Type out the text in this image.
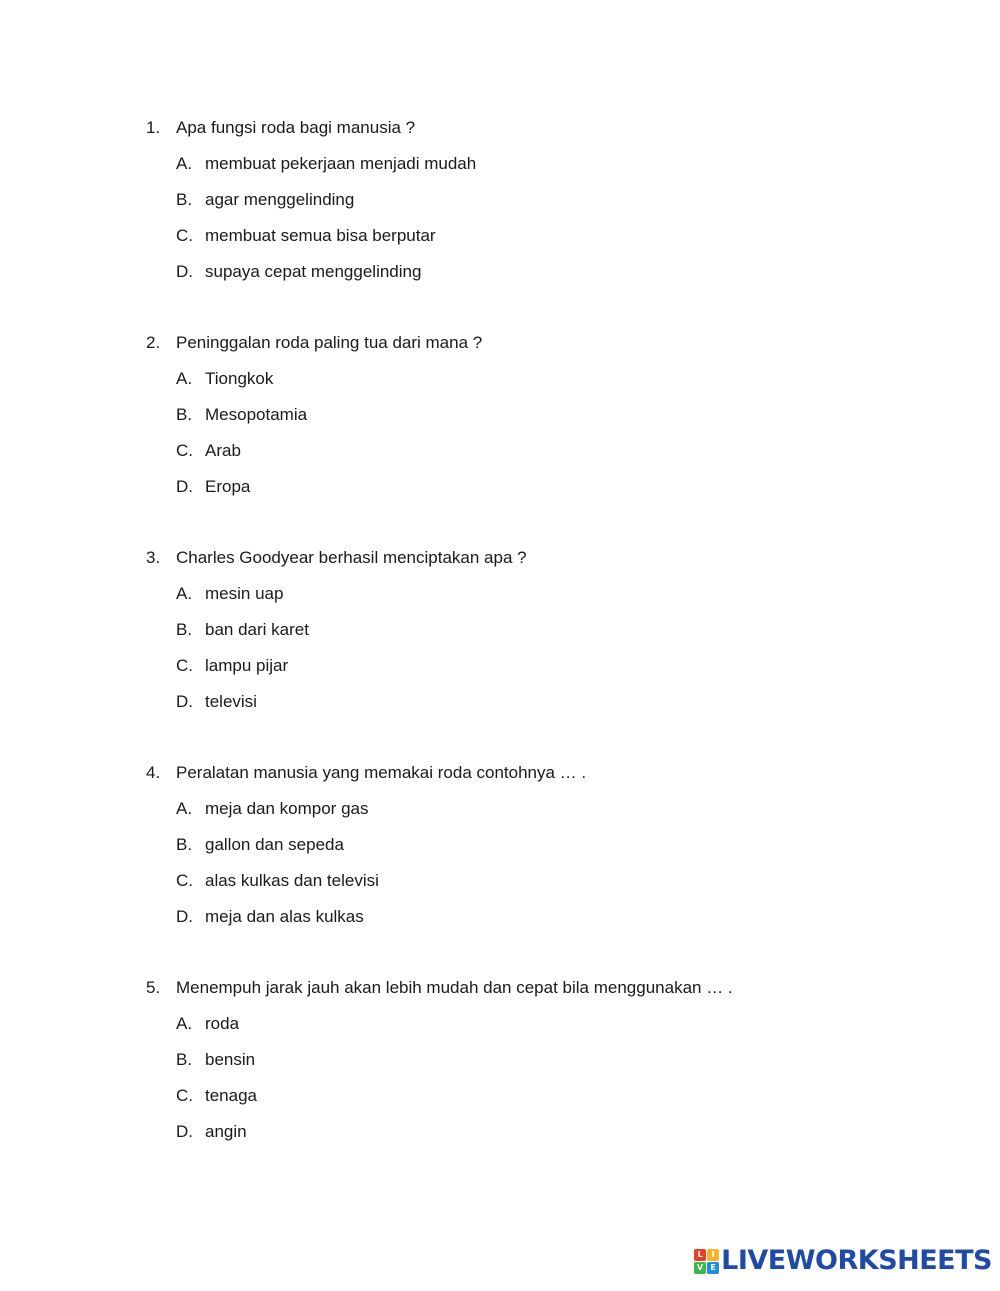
1. Apa fungsi roda bagi manusia ?
A. membuat pekerjaan menjadi mudah
B. agar menggelinding
C. membuat semua bisa berputar
D. supaya cepat menggelinding
2. Peninggalan roda paling tua dari mana ?
A. Tiongkok
B. Mesopotamia
C. Arab
D. Eropa
3. Charles Goodyear berhasil menciptakan apa ?
A. mesin uap
B. ban dari karet
C. lampu pijar
D. televisi
4. Peralatan manusia yang memakai roda contohnya … .
A. meja dan kompor gas
B. gallon dan sepeda
C. alas kulkas dan televisi
D. meja dan alas kulkas
5. Menempuh jarak jauh akan lebih mudah dan cepat bila menggunakan … .
A. roda
B. bensin
C. tenaga
D. angin
L	I
V E LIVEWORKSHEETS
